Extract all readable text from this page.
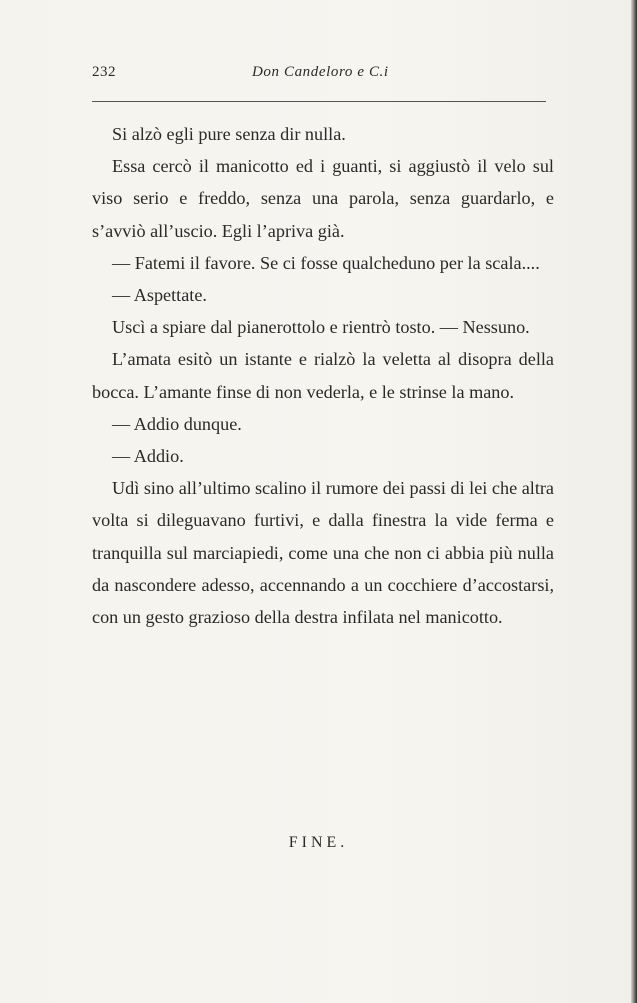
232	Don Candeloro e C.i

Si alzò egli pure senza dir nulla.

Essa cercò il manicotto ed i guanti, si aggiustò il velo sul viso serio e freddo, senza una parola, senza guardarlo, e s’avviò all’uscio. Egli l’apriva già.

— Fatemi il favore. Se ci fosse qualcheduno per la scala....

— Aspettate.

Uscì a spiare dal pianerottolo e rientrò tosto. — Nessuno.

L’amata esitò un istante e rialzò la veletta al disopra della bocca. L’amante finse di non vederla, e le strinse la mano.

— Addio dunque.

— Addio.

Udì sino all’ultimo scalino il rumore dei passi di lei che altra volta si dileguavano furtivi, e dalla finestra la vide ferma e tranquilla sul marciapiedi, come una che non ci abbia più nulla da nascondere adesso, accennando a un cocchiere d’accostarsi, con un gesto grazioso della destra infilata nel manicotto.

FINE.
